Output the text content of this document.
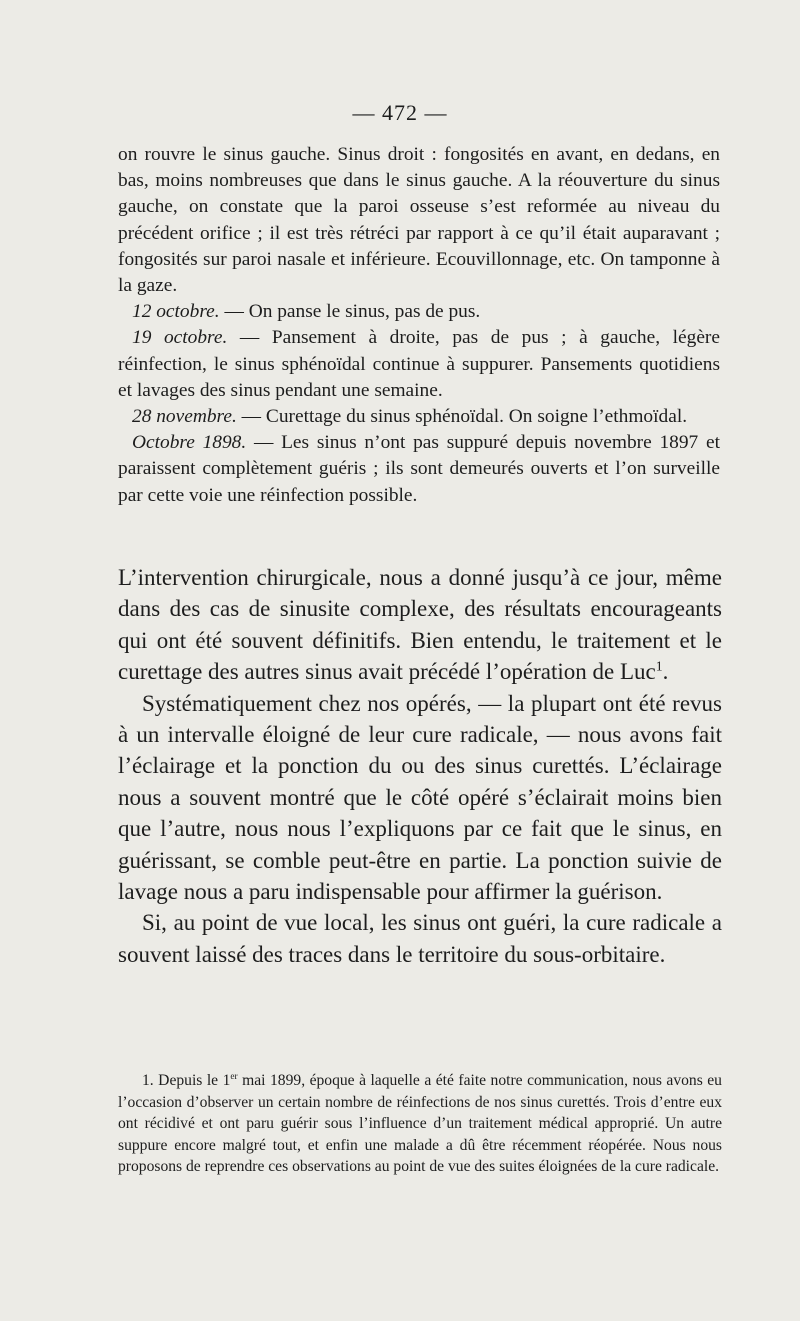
— 472 —

on rouvre le sinus gauche. Sinus droit : fongosités en avant, en dedans, en bas, moins nombreuses que dans le sinus gauche. A la réouverture du sinus gauche, on constate que la paroi osseuse s’est reformée au niveau du précédent orifice ; il est très rétréci par rapport à ce qu’il était auparavant ; fongosités sur paroi nasale et inférieure. Ecouvillonnage, etc. On tamponne à la gaze.

12 octobre. — On panse le sinus, pas de pus.

19 octobre. — Pansement à droite, pas de pus ; à gauche, légère réinfection, le sinus sphénoïdal continue à suppurer. Pansements quotidiens et lavages des sinus pendant une semaine.

28 novembre. — Curettage du sinus sphénoïdal. On soigne l’ethmoïdal.

Octobre 1898. — Les sinus n’ont pas suppuré depuis novembre 1897 et paraissent complètement guéris ; ils sont demeurés ouverts et l’on surveille par cette voie une réinfection possible.

L’intervention chirurgicale, nous a donné jusqu’à ce jour, même dans des cas de sinusite complexe, des résultats encourageants qui ont été souvent définitifs. Bien entendu, le traitement et le curettage des autres sinus avait précédé l’opération de Luc$^1$.

Systématiquement chez nos opérés, — la plupart ont été revus à un intervalle éloigné de leur cure radicale, — nous avons fait l’éclairage et la ponction du ou des sinus curettés. L’éclairage nous a souvent montré que le côté opéré s’éclairait moins bien que l’autre, nous nous l’expliquons par ce fait que le sinus, en guérissant, se comble peut-être en partie. La ponction suivie de lavage nous a paru indispensable pour affirmer la guérison.

Si, au point de vue local, les sinus ont guéri, la cure radicale a souvent laissé des traces dans le territoire du sous-orbitaire.

1. Depuis le 1er mai 1899, époque à laquelle a été faite notre communication, nous avons eu l’occasion d’observer un certain nombre de réinfections de nos sinus curettés. Trois d’entre eux ont récidivé et ont paru guérir sous l’influence d’un traitement médical approprié. Un autre suppure encore malgré tout, et enfin une malade a dû être récemment réopérée. Nous nous proposons de reprendre ces observations au point de vue des suites éloignées de la cure radicale.
